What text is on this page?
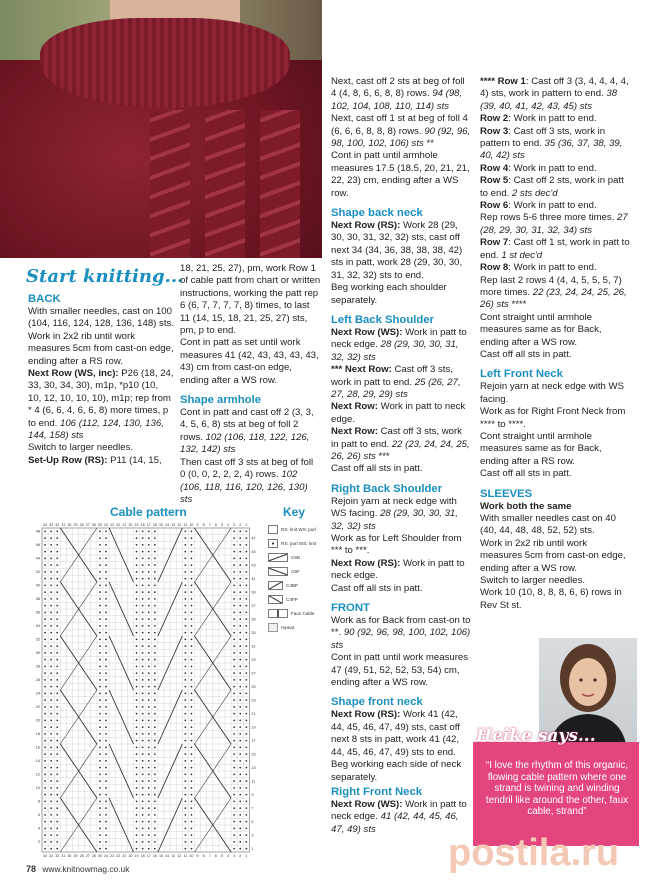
Start knitting...
BACK

With smaller needles, cast on 100 (104, 116, 124, 128, 136, 148) sts.

Work in 2x2 rib until work measures 5cm from cast-on edge, ending after a RS row.

Next Row (WS, inc): P26 (18, 24, 33, 30, 34, 30), m1p, *p10 (10, 10, 12, 10, 10, 10), m1p; rep from * 4 (6, 6, 4, 6, 6, 8) more times, p to end. 106 (112, 124, 130, 136, 144, 158) sts

Switch to larger needles.

Set-Up Row (RS): P11 (14, 15,

18, 21, 25, 27), pm, work Row 1 of cable patt from chart or written instructions, working the patt rep 6 (6, 7, 7, 7, 7, 8) times, to last 11 (14, 15, 18, 21, 25, 27) sts, pm, p to end.

Cont in patt as set until work measures 41 (42, 43, 43, 43, 43, 43) cm from cast-on edge, ending after a WS row.

Shape armhole

Cont in patt and cast off 2 (3, 3, 4, 5, 6, 8) sts at beg of foll 2 rows. 102 (106, 118, 122, 126, 132, 142) sts

Then cast off 3 sts at beg of foll 0 (0, 0, 2, 2, 2, 4) rows. 102 (106, 118, 116, 120, 126, 130) sts

Next, cast off 2 sts at beg of foll 4 (4, 8, 6, 6, 8, 8) rows. 94 (98, 102, 104, 108, 110, 114) sts

Next, cast off 1 st at beg of foll 4 (6, 6, 6, 8, 8, 8) rows. 90 (92, 96, 98, 100, 102, 106) sts **

Cont in patt until armhole measures 17.5 (18.5, 20, 21, 21, 22, 23) cm, ending after a WS row.

Shape back neck

Next Row (RS): Work 28 (29, 30, 30, 31, 32, 32) sts, cast off next 34 (34, 36, 38, 38, 38, 42) sts in patt, work 28 (29, 30, 30, 31, 32, 32) sts to end.

Beg working each shoulder separately.

Left Back Shoulder

Next Row (WS): Work in patt to neck edge. 28 (29, 30, 30, 31, 32, 32) sts

*** Next Row: Cast off 3 sts, work in patt to end. 25 (26, 27, 27, 28, 29, 29) sts

Next Row: Work in patt to neck edge.

Next Row: Cast off 3 sts, work in patt to end. 22 (23, 24, 24, 25, 26, 26) sts ***

Cast off all sts in patt.

Right Back Shoulder

Rejoin yarn at neck edge with WS facing. 28 (29, 30, 30, 31, 32, 32) sts

Work as for Left Shoulder from *** to ***.

Next Row (RS): Work in patt to neck edge.

Cast off all sts in patt.

FRONT

Work as for Back from cast-on to **. 90 (92, 96, 98, 100, 102, 106) sts

Cont in patt until work measures 47 (49, 51, 52, 52, 53, 54) cm, ending after a WS row.

Shape front neck

Next Row (RS): Work 41 (42, 44, 45, 46, 47, 49) sts, cast off next 8 sts in patt, work 41 (42, 44, 45, 46, 47, 49) sts to end.

Beg working each side of neck separately.

Right Front Neck

Next Row (WS): Work in patt to neck edge. 41 (42, 44, 45, 46, 47, 49) sts

**** Row 1: Cast off 3 (3, 4, 4, 4, 4, 4) sts, work in pattern to end. 38 (39, 40, 41, 42, 43, 45) sts

Row 2: Work in patt to end.

Row 3: Cast off 3 sts, work in pattern to end. 35 (36, 37, 38, 39, 40, 42) sts

Row 4: Work in patt to end.

Row 5: Cast off 2 sts, work in patt to end. 2 sts dec'd

Row 6: Work in patt to end.

Rep rows 5-6 three more times. 27 (28, 29, 30, 31, 32, 34) sts

Row 7: Cast off 1 st, work in patt to end. 1 st dec'd

Row 8: Work in patt to end.

Rep last 2 rows 4 (4, 4, 5, 5, 5, 7) more times. 22 (23, 24, 24, 25, 26, 26) sts ****

Cont straight until armhole measures same as for Back, ending after a WS row.

Cast off all sts in patt.

Left Front Neck

Rejoin yarn at neck edge with WS facing.

Work as for Right Front Neck from **** to ****.

Cont straight until armhole measures same as for Back, ending after a RS row.

Cast off all sts in patt.

SLEEVES

Work both the same

With smaller needles cast on 40 (40, 44, 48, 48, 52, 52) sts.

Work in 2x2 rib until work measures 5cm from cast-on edge, ending after a WS row.

Switch to larger needles.

Work 10 (10, 8, 8, 8, 6, 6) rows in Rev St st.

Cable pattern	Key
34
34
33
33
32
32
31
31
30
30
29
29
28
28
27
27
26
26
25
25
24
24
23
23
22
22
21
21
20
20
19
19
18
18
17
17
16
16
15
15
14
14
13
13
12
12
11
11
10
10
9
9
8
8
7
7
6
6
5
5
4
4
3
3
2
2
1
1
48
46
44
42
40
38
36
34
32
30
28
26
24
22
20
18
16
14
12
10
8
6
4
2
47
45
43
41
39
37
35
33
31
29
27
25
23
21
19
17
15
13
11
9
7
5
3
1
RS: knit WS: purl
RS: purl WS: knit
C6B
C6F
C4BP
C4FP
Faux Cable
repeat
Heike says...
“I love the rhythm of this organic, flowing cable pattern where one strand is twining and winding tendril like around the other, faux cable, strand”
postila.ru
78 www.knitnowmag.co.uk
